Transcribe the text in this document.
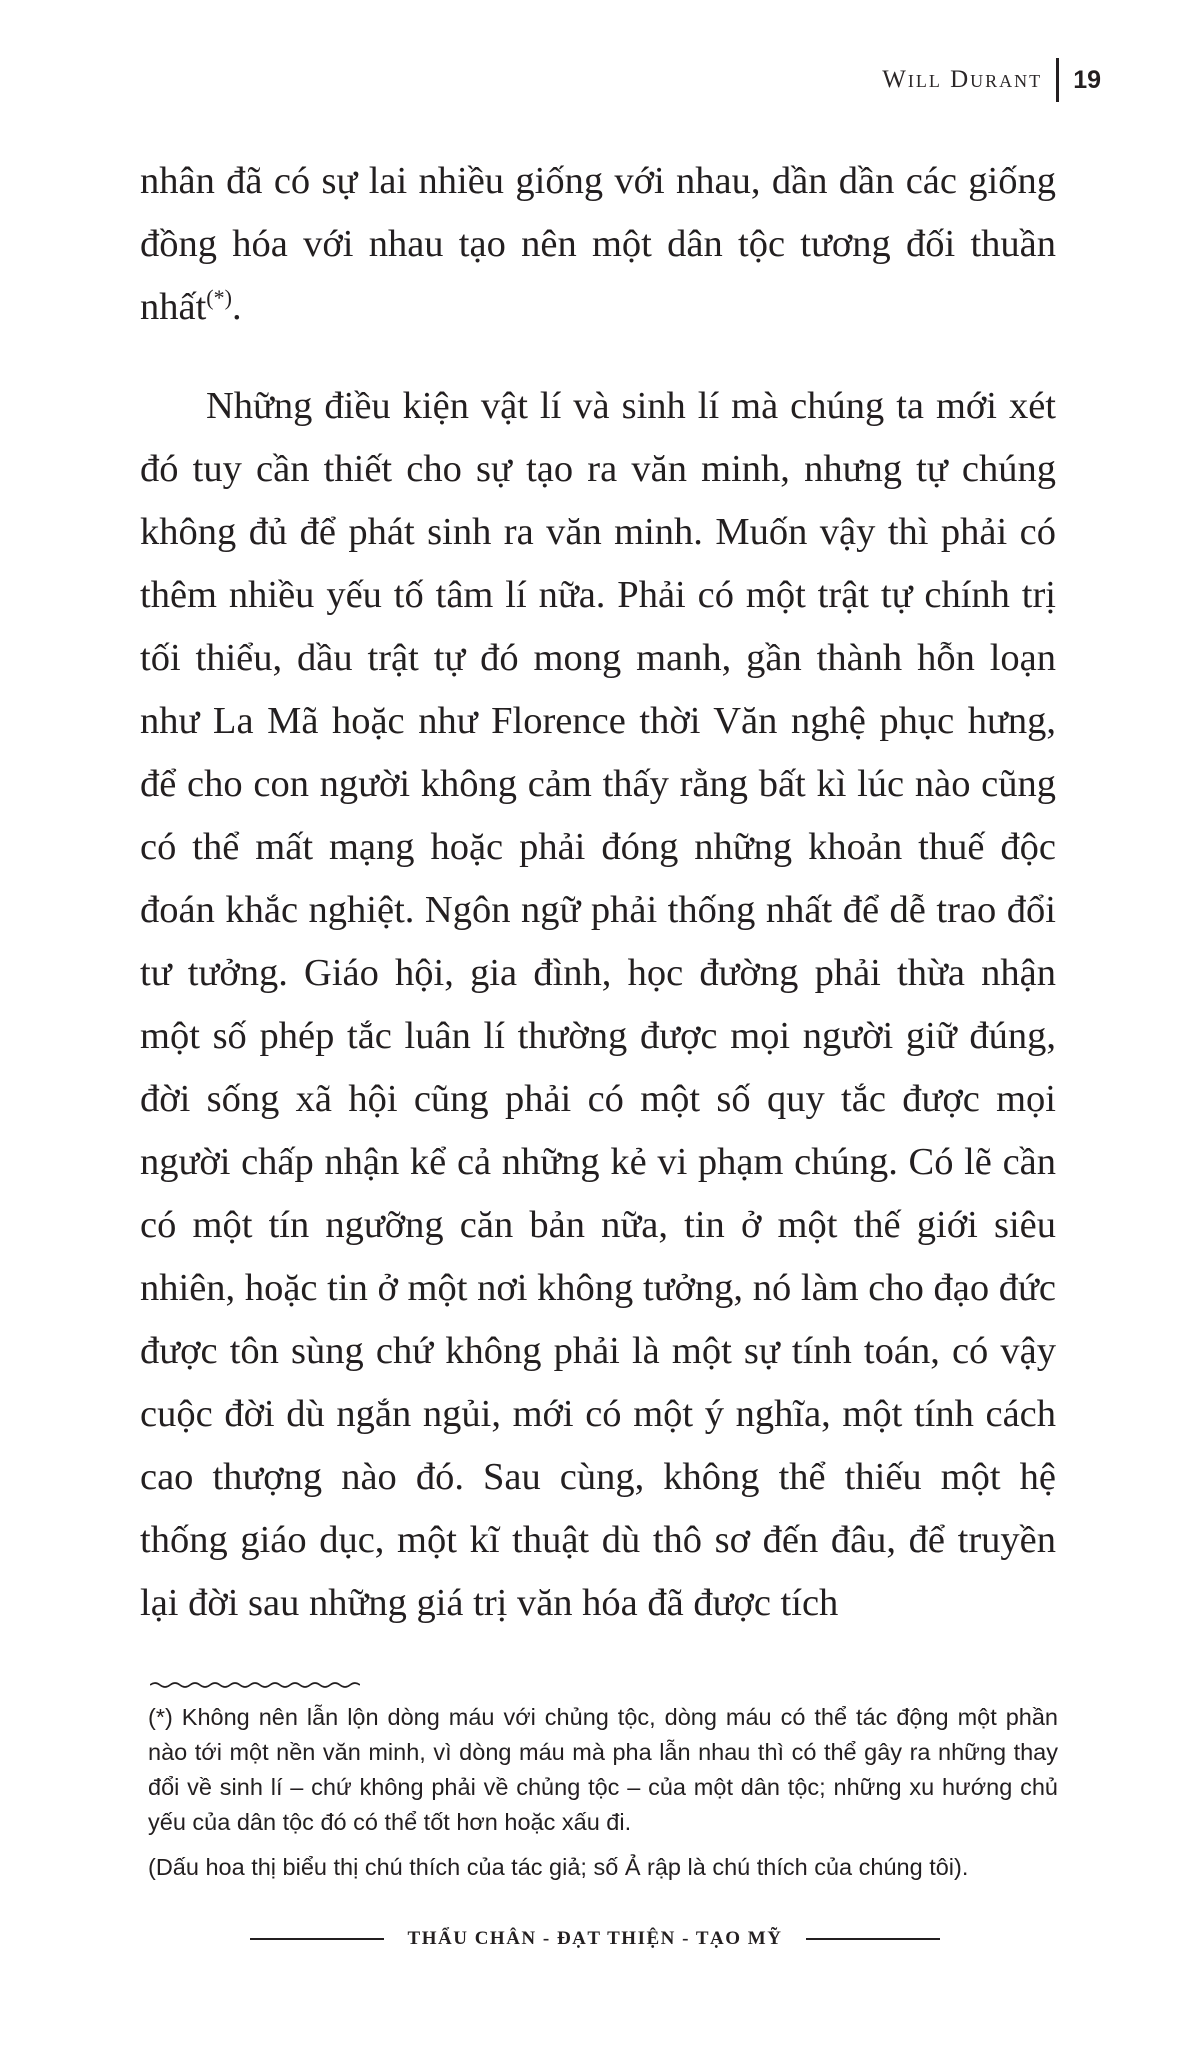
Will Durant 19

nhân đã có sự lai nhiều giống với nhau, dần dần các giống đồng hóa với nhau tạo nên một dân tộc tương đối thuần nhất(*).

Những điều kiện vật lí và sinh lí mà chúng ta mới xét đó tuy cần thiết cho sự tạo ra văn minh, nhưng tự chúng không đủ để phát sinh ra văn minh. Muốn vậy thì phải có thêm nhiều yếu tố tâm lí nữa. Phải có một trật tự chính trị tối thiểu, dầu trật tự đó mong manh, gần thành hỗn loạn như La Mã hoặc như Florence thời Văn nghệ phục hưng, để cho con người không cảm thấy rằng bất kì lúc nào cũng có thể mất mạng hoặc phải đóng những khoản thuế độc đoán khắc nghiệt. Ngôn ngữ phải thống nhất để dễ trao đổi tư tưởng. Giáo hội, gia đình, học đường phải thừa nhận một số phép tắc luân lí thường được mọi người giữ đúng, đời sống xã hội cũng phải có một số quy tắc được mọi người chấp nhận kể cả những kẻ vi phạm chúng. Có lẽ cần có một tín ngưỡng căn bản nữa, tin ở một thế giới siêu nhiên, hoặc tin ở một nơi không tưởng, nó làm cho đạo đức được tôn sùng chứ không phải là một sự tính toán, có vậy cuộc đời dù ngắn ngủi, mới có một ý nghĩa, một tính cách cao thượng nào đó. Sau cùng, không thể thiếu một hệ thống giáo dục, một kĩ thuật dù thô sơ đến đâu, để truyền lại đời sau những giá trị văn hóa đã được tích

(*) Không nên lẫn lộn dòng máu với chủng tộc, dòng máu có thể tác động một phần nào tới một nền văn minh, vì dòng máu mà pha lẫn nhau thì có thể gây ra những thay đổi về sinh lí – chứ không phải về chủng tộc – của một dân tộc; những xu hướng chủ yếu của dân tộc đó có thể tốt hơn hoặc xấu đi.

(Dấu hoa thị biểu thị chú thích của tác giả; số Ả rập là chú thích của chúng tôi).

THẨU CHÂN - ĐẠT THIỆN - TẠO MỸ
